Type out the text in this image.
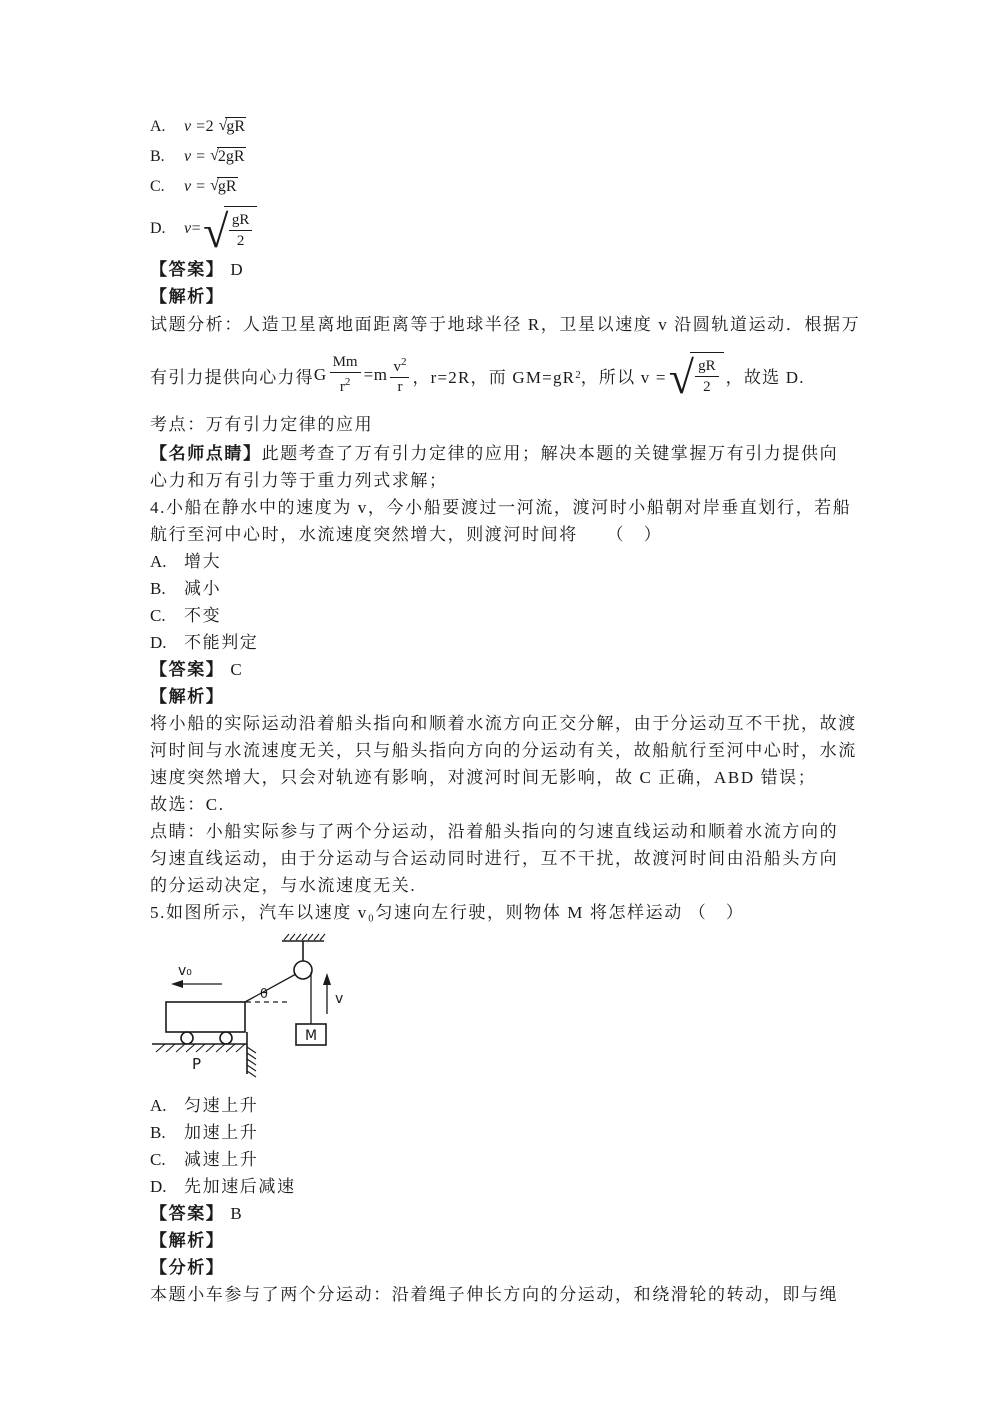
A.	v =2 √gR
B.	v = √2gR
C.	v = √gR
D.	v = √ gR
2
【答案】 D
【解析】
试题分析：人造卫星离地面距离等于地球半径 R，卫星以速度 v 沿圆轨道运动．根据万
有引力提供向心力得 G $\frac{Mm}{r^2} = m \frac{v^2}{r}$ ，r=2R，而 GM=gR 2 ，所以 v = √ gR
2 ，故选 D.
考点：万有引力定律的应用
【名师点睛】此题考查了万有引力定律的应用；解决本题的关键掌握万有引力提供向
心力和万有引力等于重力列式求解；
4.小船在静水中的速度为 v，今小船要渡过一河流，渡河时小船朝对岸垂直划行，若船
航行至河中心时，水流速度突然增大，则渡河时间将　　（　）
A. 增大
B. 减小
C. 不变
D. 不能判定
【答案】 C
【解析】
将小船的实际运动沿着船头指向和顺着水流方向正交分解，由于分运动互不干扰，故渡
河时间与水流速度无关，只与船头指向方向的分运动有关，故船航行至河中心时，水流
速度突然增大，只会对轨迹有影响，对渡河时间无影响，故 C 正确，ABD 错误；
故选：C.
点睛：小船实际参与了两个分运动，沿着船头指向的匀速直线运动和顺着水流方向的
匀速直线运动，由于分运动与合运动同时进行，互不干扰，故渡河时间由沿船头方向
的分运动决定，与水流速度无关.
5.如图所示，汽车以速度 v₀匀速向左行驶，则物体 M 将怎样运动 （　）
v₀
θ	v
M
P
A. 匀速上升
B. 加速上升
C. 减速上升
D. 先加速后减速
【答案】 B
【解析】
【分析】
本题小车参与了两个分运动：沿着绳子伸长方向的分运动，和绕滑轮的转动，即与绳
